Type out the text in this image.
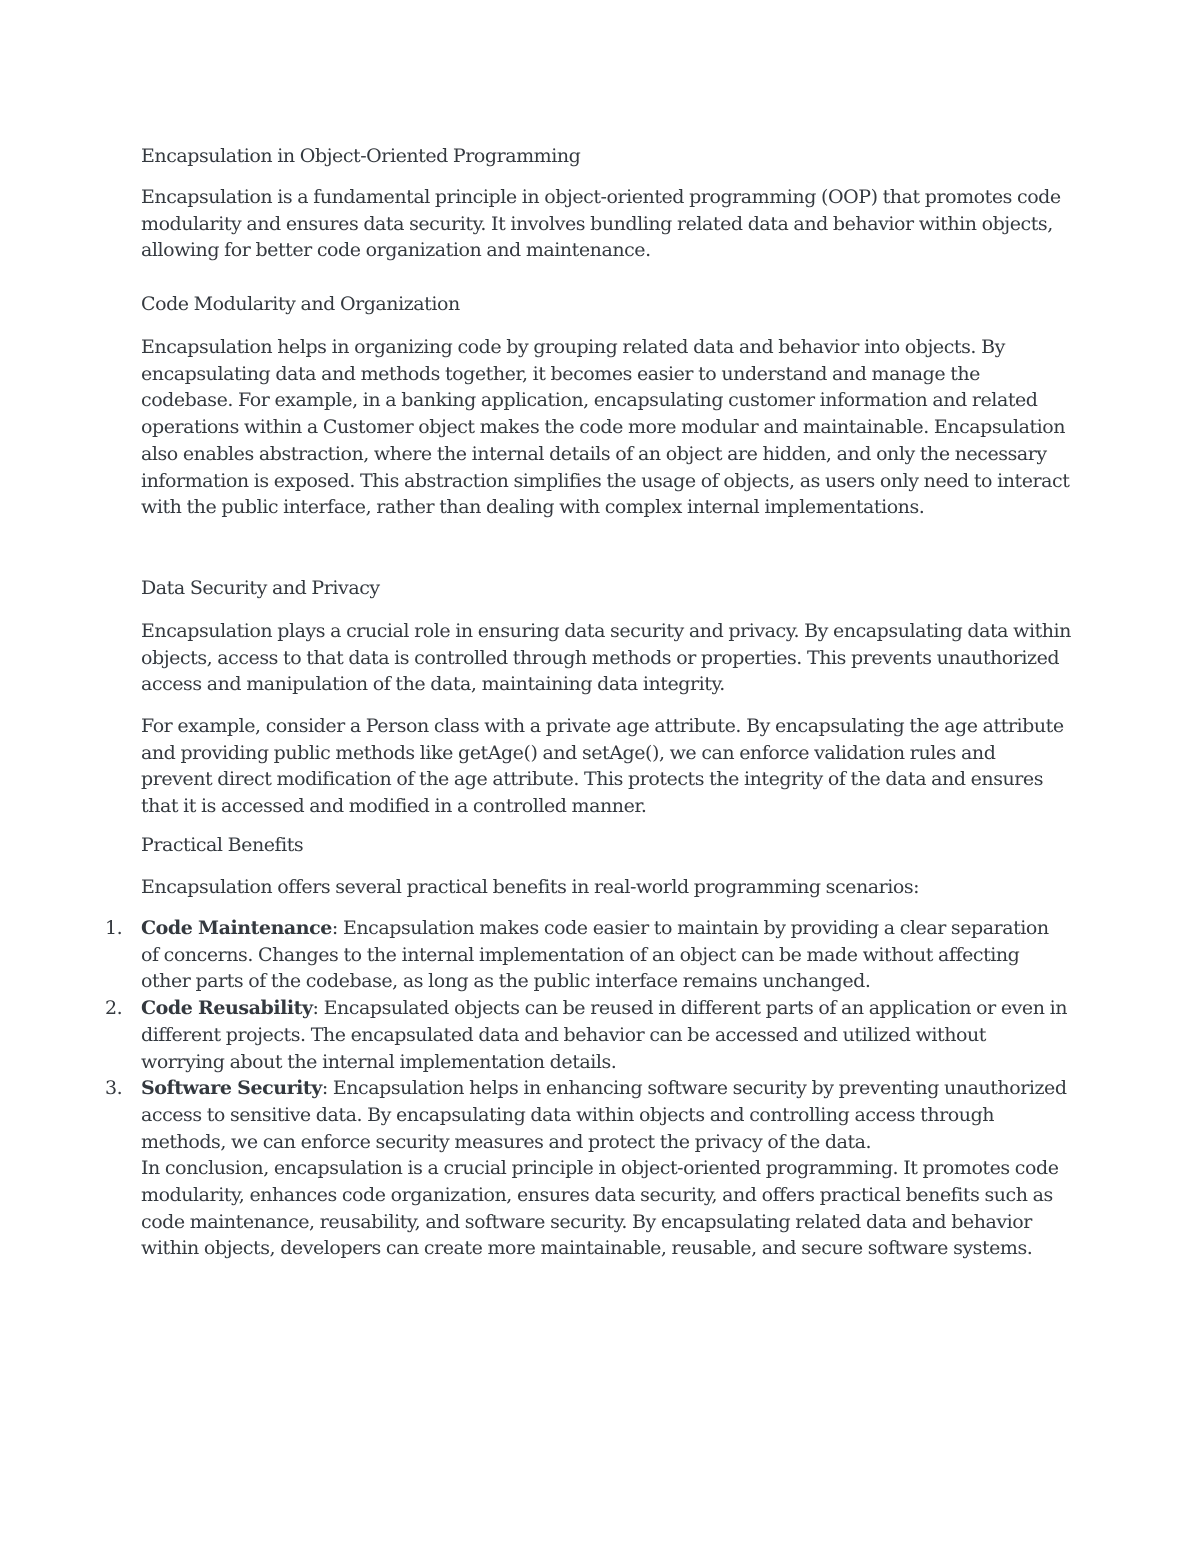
Encapsulation in Object-Oriented Programming

Encapsulation is a fundamental principle in object-oriented programming (OOP) that promotes code modularity and ensures data security. It involves bundling related data and behavior within objects, allowing for better code organization and maintenance.

Code Modularity and Organization

Encapsulation helps in organizing code by grouping related data and behavior into objects. By encapsulating data and methods together, it becomes easier to understand and manage the codebase. For example, in a banking application, encapsulating customer information and related operations within a Customer object makes the code more modular and maintainable. Encapsulation also enables abstraction, where the internal details of an object are hidden, and only the necessary information is exposed. This abstraction simplifies the usage of objects, as users only need to interact with the public interface, rather than dealing with complex internal implementations.

Data Security and Privacy

Encapsulation plays a crucial role in ensuring data security and privacy. By encapsulating data within objects, access to that data is controlled through methods or properties. This prevents unauthorized access and manipulation of the data, maintaining data integrity.

For example, consider a Person class with a private age attribute. By encapsulating the age attribute and providing public methods like getAge() and setAge(), we can enforce validation rules and prevent direct modification of the age attribute. This protects the integrity of the data and ensures that it is accessed and modified in a controlled manner.

Practical Benefits

Encapsulation offers several practical benefits in real-world programming scenarios:

1. Code Maintenance: Encapsulation makes code easier to maintain by providing a clear separation of concerns. Changes to the internal implementation of an object can be made without affecting other parts of the codebase, as long as the public interface remains unchanged.
2. Code Reusability: Encapsulated objects can be reused in different parts of an application or even in different projects. The encapsulated data and behavior can be accessed and utilized without worrying about the internal implementation details.
3. Software Security: Encapsulation helps in enhancing software security by preventing unauthorized access to sensitive data. By encapsulating data within objects and controlling access through methods, we can enforce security measures and protect the privacy of the data.
In conclusion, encapsulation is a crucial principle in object-oriented programming. It promotes code modularity, enhances code organization, ensures data security, and offers practical benefits such as code maintenance, reusability, and software security. By encapsulating related data and behavior within objects, developers can create more maintainable, reusable, and secure software systems.
